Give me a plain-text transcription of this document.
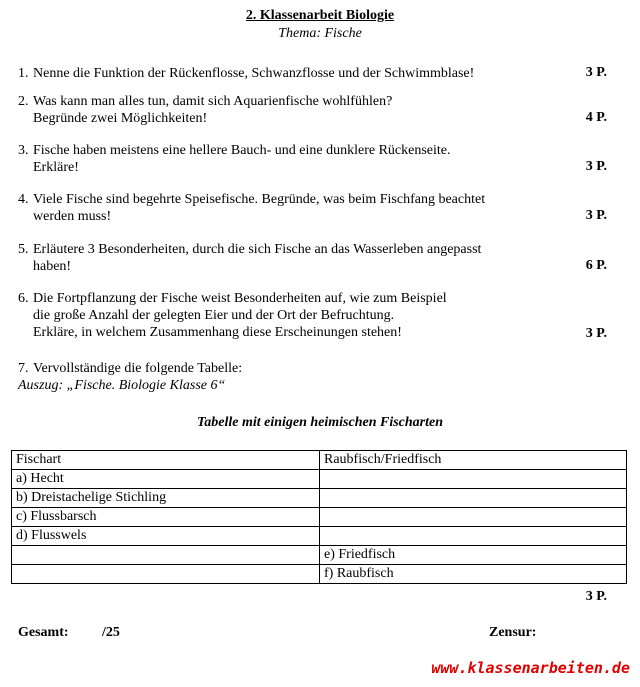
2. Klassenarbeit Biologie
Thema: Fische
1. Nenne die Funktion der Rückenflosse, Schwanzflosse und der Schwimmblase!	3 P.
2. Was kann man alles tun, damit sich Aquarienfische wohlfühlen?
Begründe zwei Möglichkeiten!	4 P.
3. Fische haben meistens eine hellere Bauch- und eine dunklere Rückenseite.
Erkläre!	3 P.
4. Viele Fische sind begehrte Speisefische. Begründe, was beim Fischfang beachtet
werden muss!	3 P.
5. Erläutere 3 Besonderheiten, durch die sich Fische an das Wasserleben angepasst
haben!	6 P.
6. Die Fortpflanzung der Fische weist Besonderheiten auf, wie zum Beispiel
die große Anzahl der gelegten Eier und der Ort der Befruchtung.
Erkläre, in welchem Zusammenhang diese Erscheinungen stehen!	3 P.
7. Vervollständige die folgende Tabelle:
Auszug: „Fische. Biologie Klasse 6“
Tabelle mit einigen heimischen Fischarten
Fischart	Raubfisch/Friedfisch
a) Hecht	
b) Dreistachelige Stichling	
c) Flussbarsch	
d) Flusswels	
	e) Friedfisch
	f) Raubfisch
3 P.
Gesamt: /25	Zensur:
www.klassenarbeiten.de
